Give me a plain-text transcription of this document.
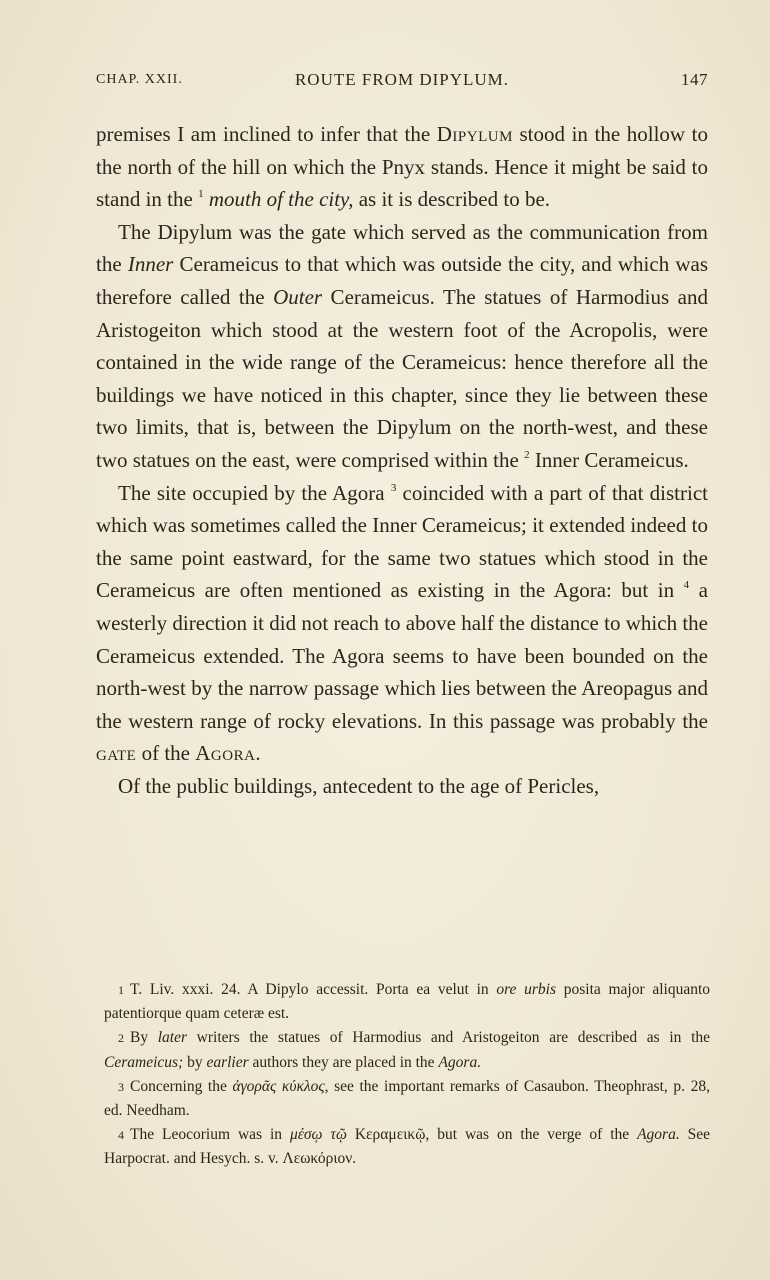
CHAP. XXII.	ROUTE FROM DIPYLUM.	147

premises I am inclined to infer that the Dipylum stood in the hollow to the north of the hill on which the Pnyx stands. Hence it might be said to stand in the $^1$ mouth of the city, as it is described to be.

The Dipylum was the gate which served as the communication from the Inner Cerameicus to that which was outside the city, and which was therefore called the Outer Cerameicus. The statues of Harmodius and Aristogeiton which stood at the western foot of the Acropolis, were contained in the wide range of the Cerameicus: hence therefore all the buildings we have noticed in this chapter, since they lie between these two limits, that is, between the Dipylum on the north-west, and these two statues on the east, were comprised within the $^2$ Inner Cerameicus.

The site occupied by the Agora $^3$ coincided with a part of that district which was sometimes called the Inner Cerameicus; it extended indeed to the same point eastward, for the same two statues which stood in the Cerameicus are often mentioned as existing in the Agora: but in $^4$ a westerly direction it did not reach to above half the distance to which the Cerameicus extended. The Agora seems to have been bounded on the north-west by the narrow passage which lies between the Areopagus and the western range of rocky elevations. In this passage was probably the gate of the Agora.

Of the public buildings, antecedent to the age of Pericles,

1 T. Liv. xxxi. 24. A Dipylo accessit. Porta ea velut in ore urbis posita major aliquanto patentiorque quam ceteræ est.

2 By later writers the statues of Harmodius and Aristogeiton are described as in the Cerameicus; by earlier authors they are placed in the Agora.

3 Concerning the ἀγορᾶς κύκλος, see the important remarks of Casaubon. Theophrast, p. 28, ed. Needham.

4 The Leocorium was in μέσῳ τῷ Κεραμεικῷ, but was on the verge of the Agora. See Harpocrat. and Hesych. s. v. Λεωκόριον.
